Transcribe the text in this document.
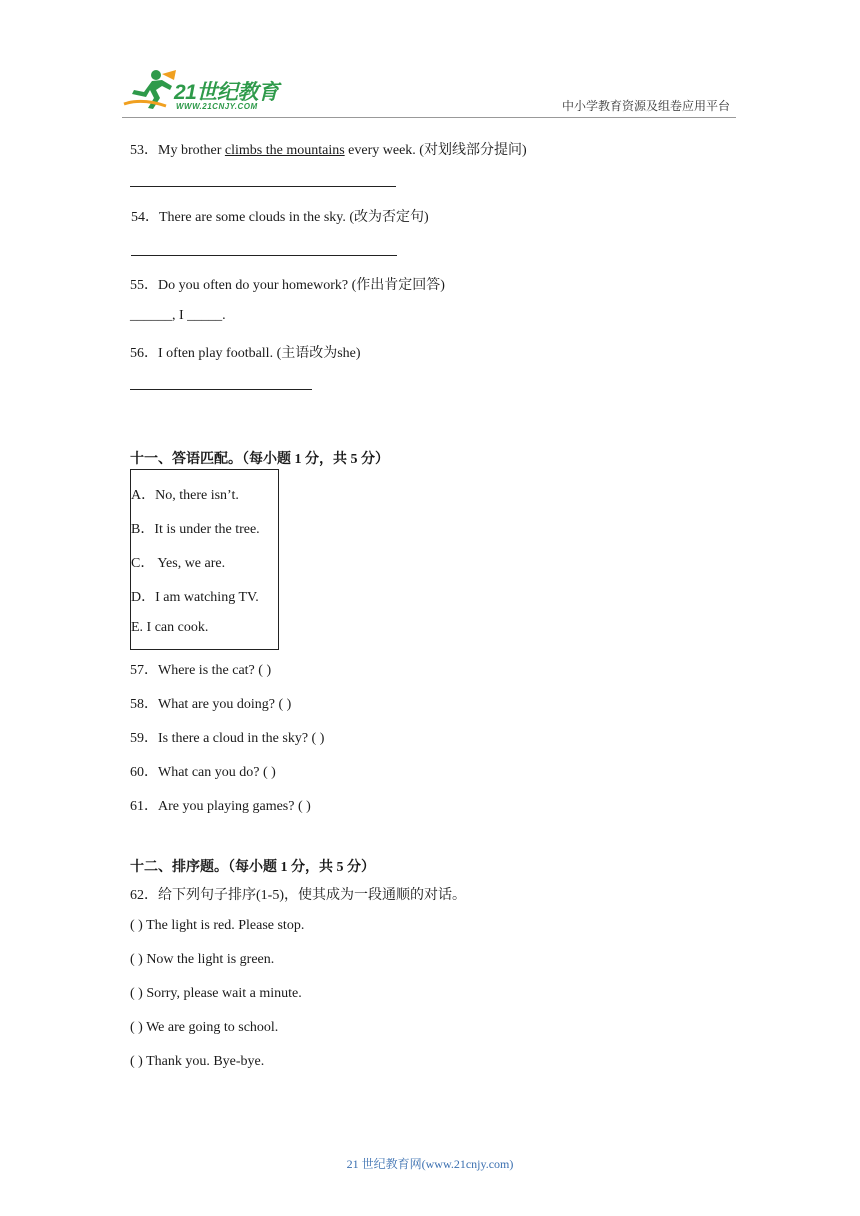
21世纪教育
WWW.21CNJY.COM	中小学教育资源及组卷应用平台
53．My brother climbs the mountains every week. (对划线部分提问)
54．There are some clouds in the sky. (改为否定句)
55．Do you often do your homework? (作出肯定回答)
______, I _____.
56．I often play football. (主语改为she)
十一、答语匹配。（每小题 1 分，共 5 分）
A．No, there isn’t.
B．It is under the tree.
C． Yes, we are.
D．I am watching TV.
E. I can cook.
57．Where is the cat? ( )
58．What are you doing? ( )
59．Is there a cloud in the sky? ( )
60．What can you do? ( )
61．Are you playing games? ( )
十二、排序题。（每小题 1 分，共 5 分）
62．给下列句子排序(1-5)，使其成为一段通顺的对话。
( ) The light is red. Please stop.
( ) Now the light is green.
( ) Sorry, please wait a minute.
( ) We are going to school.
( ) Thank you. Bye-bye.
21 世纪教育网(www.21cnjy.com)
